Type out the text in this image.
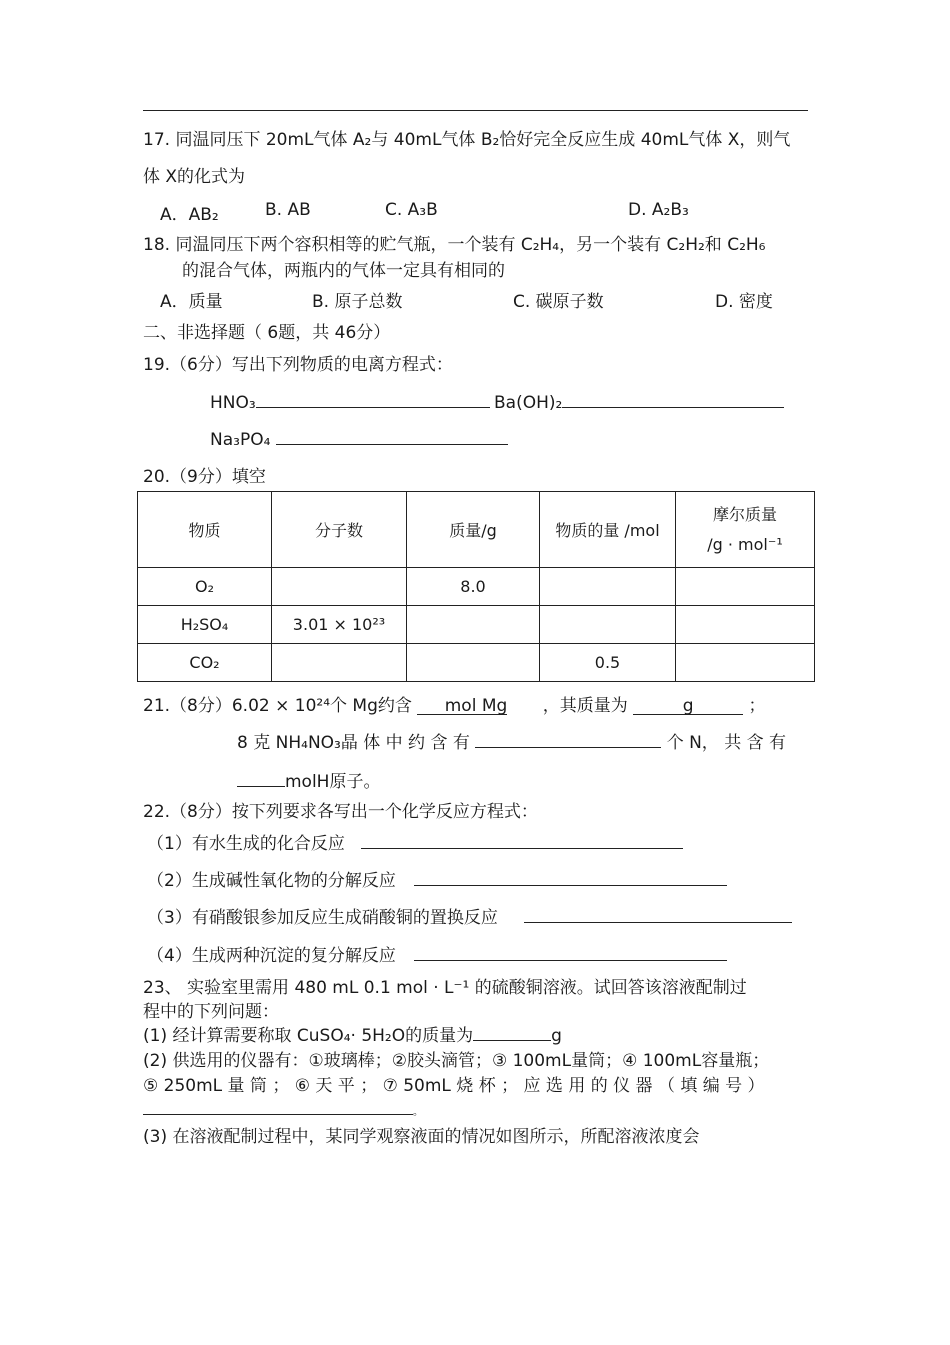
17. 同温同压下 20mL气体 A₂与 40mL气体 B₂恰好完全反应生成 40mL气体 X，则气
体 X的化式为
A．AB₂	B. AB	C. A₃B	D. A₂B₃
18. 同温同压下两个容积相等的贮气瓶，一个装有 C₂H₄，另一个装有 C₂H₂和 C₂H₆
的混合气体，两瓶内的气体一定具有相同的
A．质量	B. 原子总数	C. 碳原子数	D. 密度
二、非选择题（ 6题，共 46分）
19.（6分）写出下列物质的电离方程式：
HNO₃	Ba(OH)₂
Na₃PO₄
20.（9分）填空
物质	分子数	质量/g	物质的量 /mol	摩尔质量
/g · mol⁻¹

O₂		8.0		
H₂SO₄	3.01 × 10²³			
CO₂			0.5	
21.（8分）6.02 × 10²⁴个 Mg约含 mol Mg ，其质量为	g	；
8 克 NH₄NO₃晶 体 中 约 含 有	个 N， 共 含 有
molH原子。
22.（8分）按下列要求各写出一个化学反应方程式：
（1）有水生成的化合反应
（2）生成碱性氧化物的分解反应
（3）有硝酸银参加反应生成硝酸铜的置换反应
（4）生成两种沉淀的复分解反应
23、 实验室里需用 480 mL 0.1 mol · L⁻¹ 的硫酸铜溶液。试回答该溶液配制过
程中的下列问题：
(1) 经计算需要称取 CuSO₄· 5H₂O的质量为	g
(2) 供选用的仪器有：①玻璃棒；②胶头滴管；③ 100mL量筒；④ 100mL容量瓶；
⑤ 250mL 量 筒 ； ⑥ 天 平 ； ⑦ 50mL 烧 杯 ； 应 选 用 的 仪 器 （ 填 编 号 ）
。
(3) 在溶液配制过程中，某同学观察液面的情况如图所示，所配溶液浓度会
